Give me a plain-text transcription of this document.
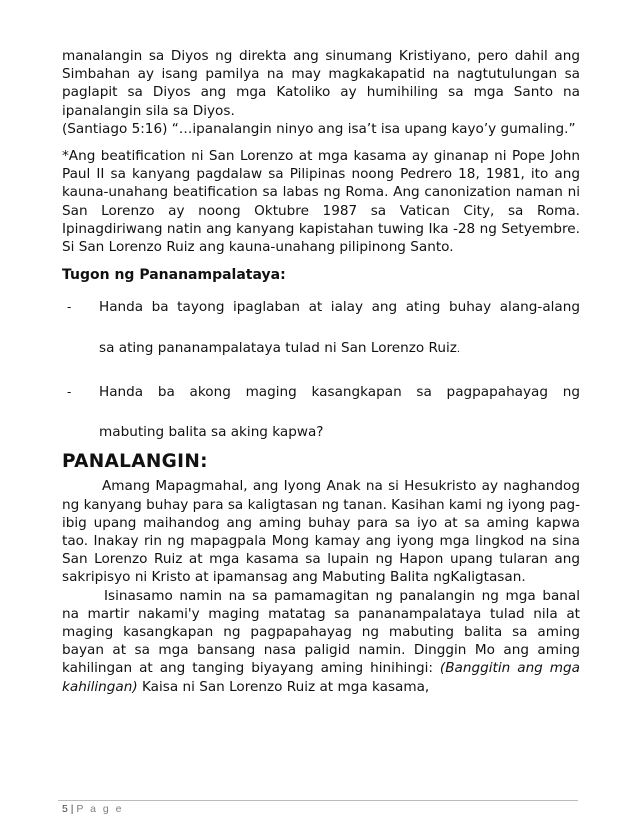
manalangin sa Diyos ng direkta ang sinumang Kristiyano, pero dahil ang Simbahan ay isang pamilya na may magkakapatid na nagtutulungan sa paglapit sa Diyos ang mga Katoliko ay humihiling sa mga Santo na ipanalangin sila sa Diyos.

(Santiago 5:16) “…ipanalangin ninyo ang isa’t isa upang kayo’y gumaling.”

*Ang beatification ni San Lorenzo at mga kasama ay ginanap ni Pope John Paul II sa kanyang pagdalaw sa Pilipinas noong Pedrero 18, 1981, ito ang kauna-unahang beatification sa labas ng Roma. Ang canonization naman ni San Lorenzo ay noong Oktubre 1987 sa Vatican City, sa Roma. Ipinagdiriwang natin ang kanyang kapistahan tuwing Ika -28 ng Setyembre. Si San Lorenzo Ruiz ang kauna-unahang pilipinong Santo.

Tugon ng Pananampalataya:

- Handa ba tayong ipaglaban at ialay ang ating buhay alang-alang
sa ating pananampalataya tulad ni San Lorenzo Ruiz.
- Handa ba akong maging kasangkapan sa pagpapahayag ng
mabuting balita sa aking kapwa?

PANALANGIN:

Amang Mapagmahal, ang Iyong Anak na si Hesukristo ay naghandog ng kanyang buhay para sa kaligtasan ng tanan. Kasihan kami ng iyong pag-ibig upang maihandog ang aming buhay para sa iyo at sa aming kapwa tao. Inakay rin ng mapagpala Mong kamay ang iyong mga lingkod na sina San Lorenzo Ruiz at mga kasama sa lupain ng Hapon upang tularan ang sakripisyo ni Kristo at ipamansag ang Mabuting Balita ngKaligtasan.

Isinasamo namin na sa pamamagitan ng panalangin ng mga banal na martir nakami'y maging matatag sa pananampalataya tulad nila at maging kasangkapan ng pagpapahayag ng mabuting balita sa aming bayan at sa mga bansang nasa paligid namin. Dinggin Mo ang aming kahilingan at ang tanging biyayang aming hinihingi: (Banggitin ang mga kahilingan) Kaisa ni San Lorenzo Ruiz at mga kasama,

5 | P a g e
